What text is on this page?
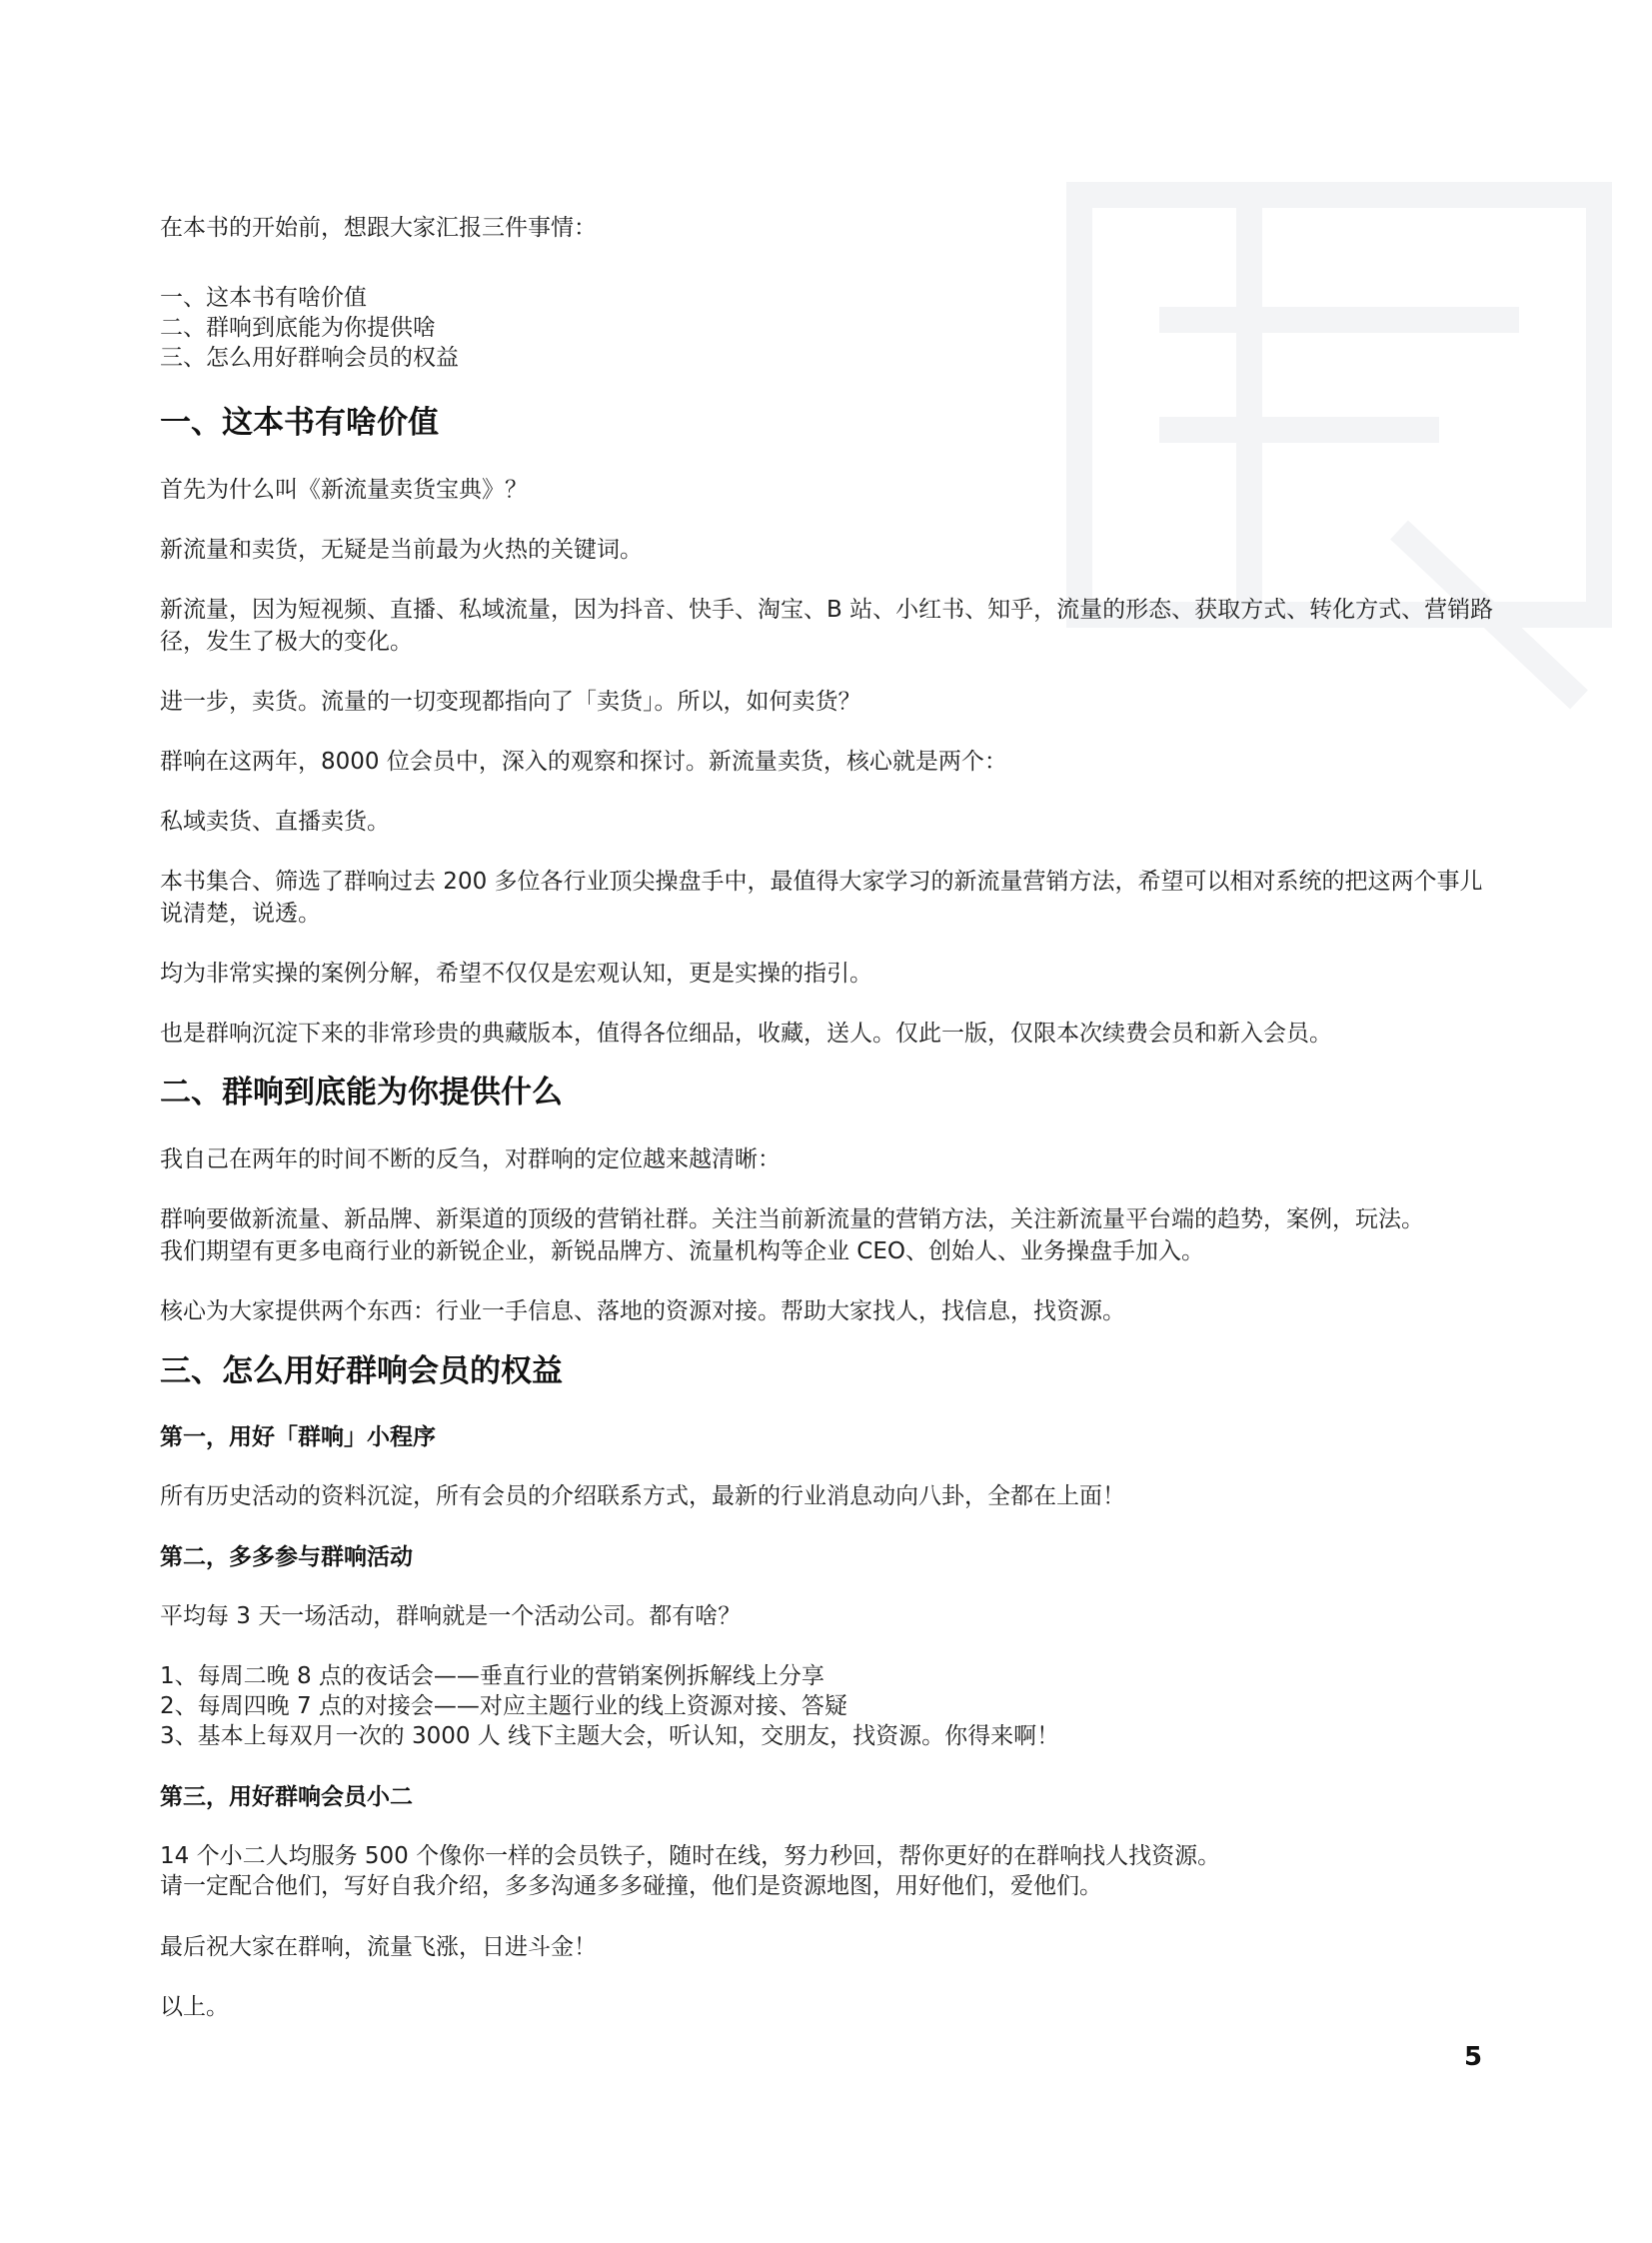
在本书的开始前，想跟大家汇报三件事情：

一、这本书有啥价值
二、群响到底能为你提供啥
三、怎么用好群响会员的权益
一、这本书有啥价值

首先为什么叫《新流量卖货宝典》？

新流量和卖货，无疑是当前最为火热的关键词。

新流量，因为短视频、直播、私域流量，因为抖音、快手、淘宝、B 站、小红书、知乎，流量的形态、获取方式、转化方式、营销路径，发生了极大的变化。

进一步，卖货。流量的一切变现都指向了「卖货」。所以，如何卖货？

群响在这两年，8000 位会员中，深入的观察和探讨。新流量卖货，核心就是两个：

私域卖货、直播卖货。

本书集合、筛选了群响过去 200 多位各行业顶尖操盘手中，最值得大家学习的新流量营销方法，希望可以相对系统的把这两个事儿说清楚，说透。

均为非常实操的案例分解，希望不仅仅是宏观认知，更是实操的指引。

也是群响沉淀下来的非常珍贵的典藏版本，值得各位细品，收藏，送人。仅此一版，仅限本次续费会员和新入会员。

二、群响到底能为你提供什么

我自己在两年的时间不断的反刍，对群响的定位越来越清晰：

群响要做新流量、新品牌、新渠道的顶级的营销社群。关注当前新流量的营销方法，关注新流量平台端的趋势，案例，玩法。

我们期望有更多电商行业的新锐企业，新锐品牌方、流量机构等企业 CEO、创始人、业务操盘手加入。

核心为大家提供两个东西：行业一手信息、落地的资源对接。帮助大家找人，找信息，找资源。

三、怎么用好群响会员的权益
第一，用好「群响」小程序

所有历史活动的资料沉淀，所有会员的介绍联系方式，最新的行业消息动向八卦，全都在上面！

第二，多多参与群响活动

平均每 3 天一场活动，群响就是一个活动公司。都有啥？

1、每周二晚 8 点的夜话会——垂直行业的营销案例拆解线上分享
2、每周四晚 7 点的对接会——对应主题行业的线上资源对接、答疑
3、基本上每双月一次的 3000 人 线下主题大会，听认知，交朋友，找资源。你得来啊！
第三，用好群响会员小二
14 个小二人均服务 500 个像你一样的会员铁子，随时在线，努力秒回，帮你更好的在群响找人找资源。
请一定配合他们，写好自我介绍，多多沟通多多碰撞，他们是资源地图，用好他们，爱他们。

最后祝大家在群响，流量飞涨，日进斗金！

以上。

5
